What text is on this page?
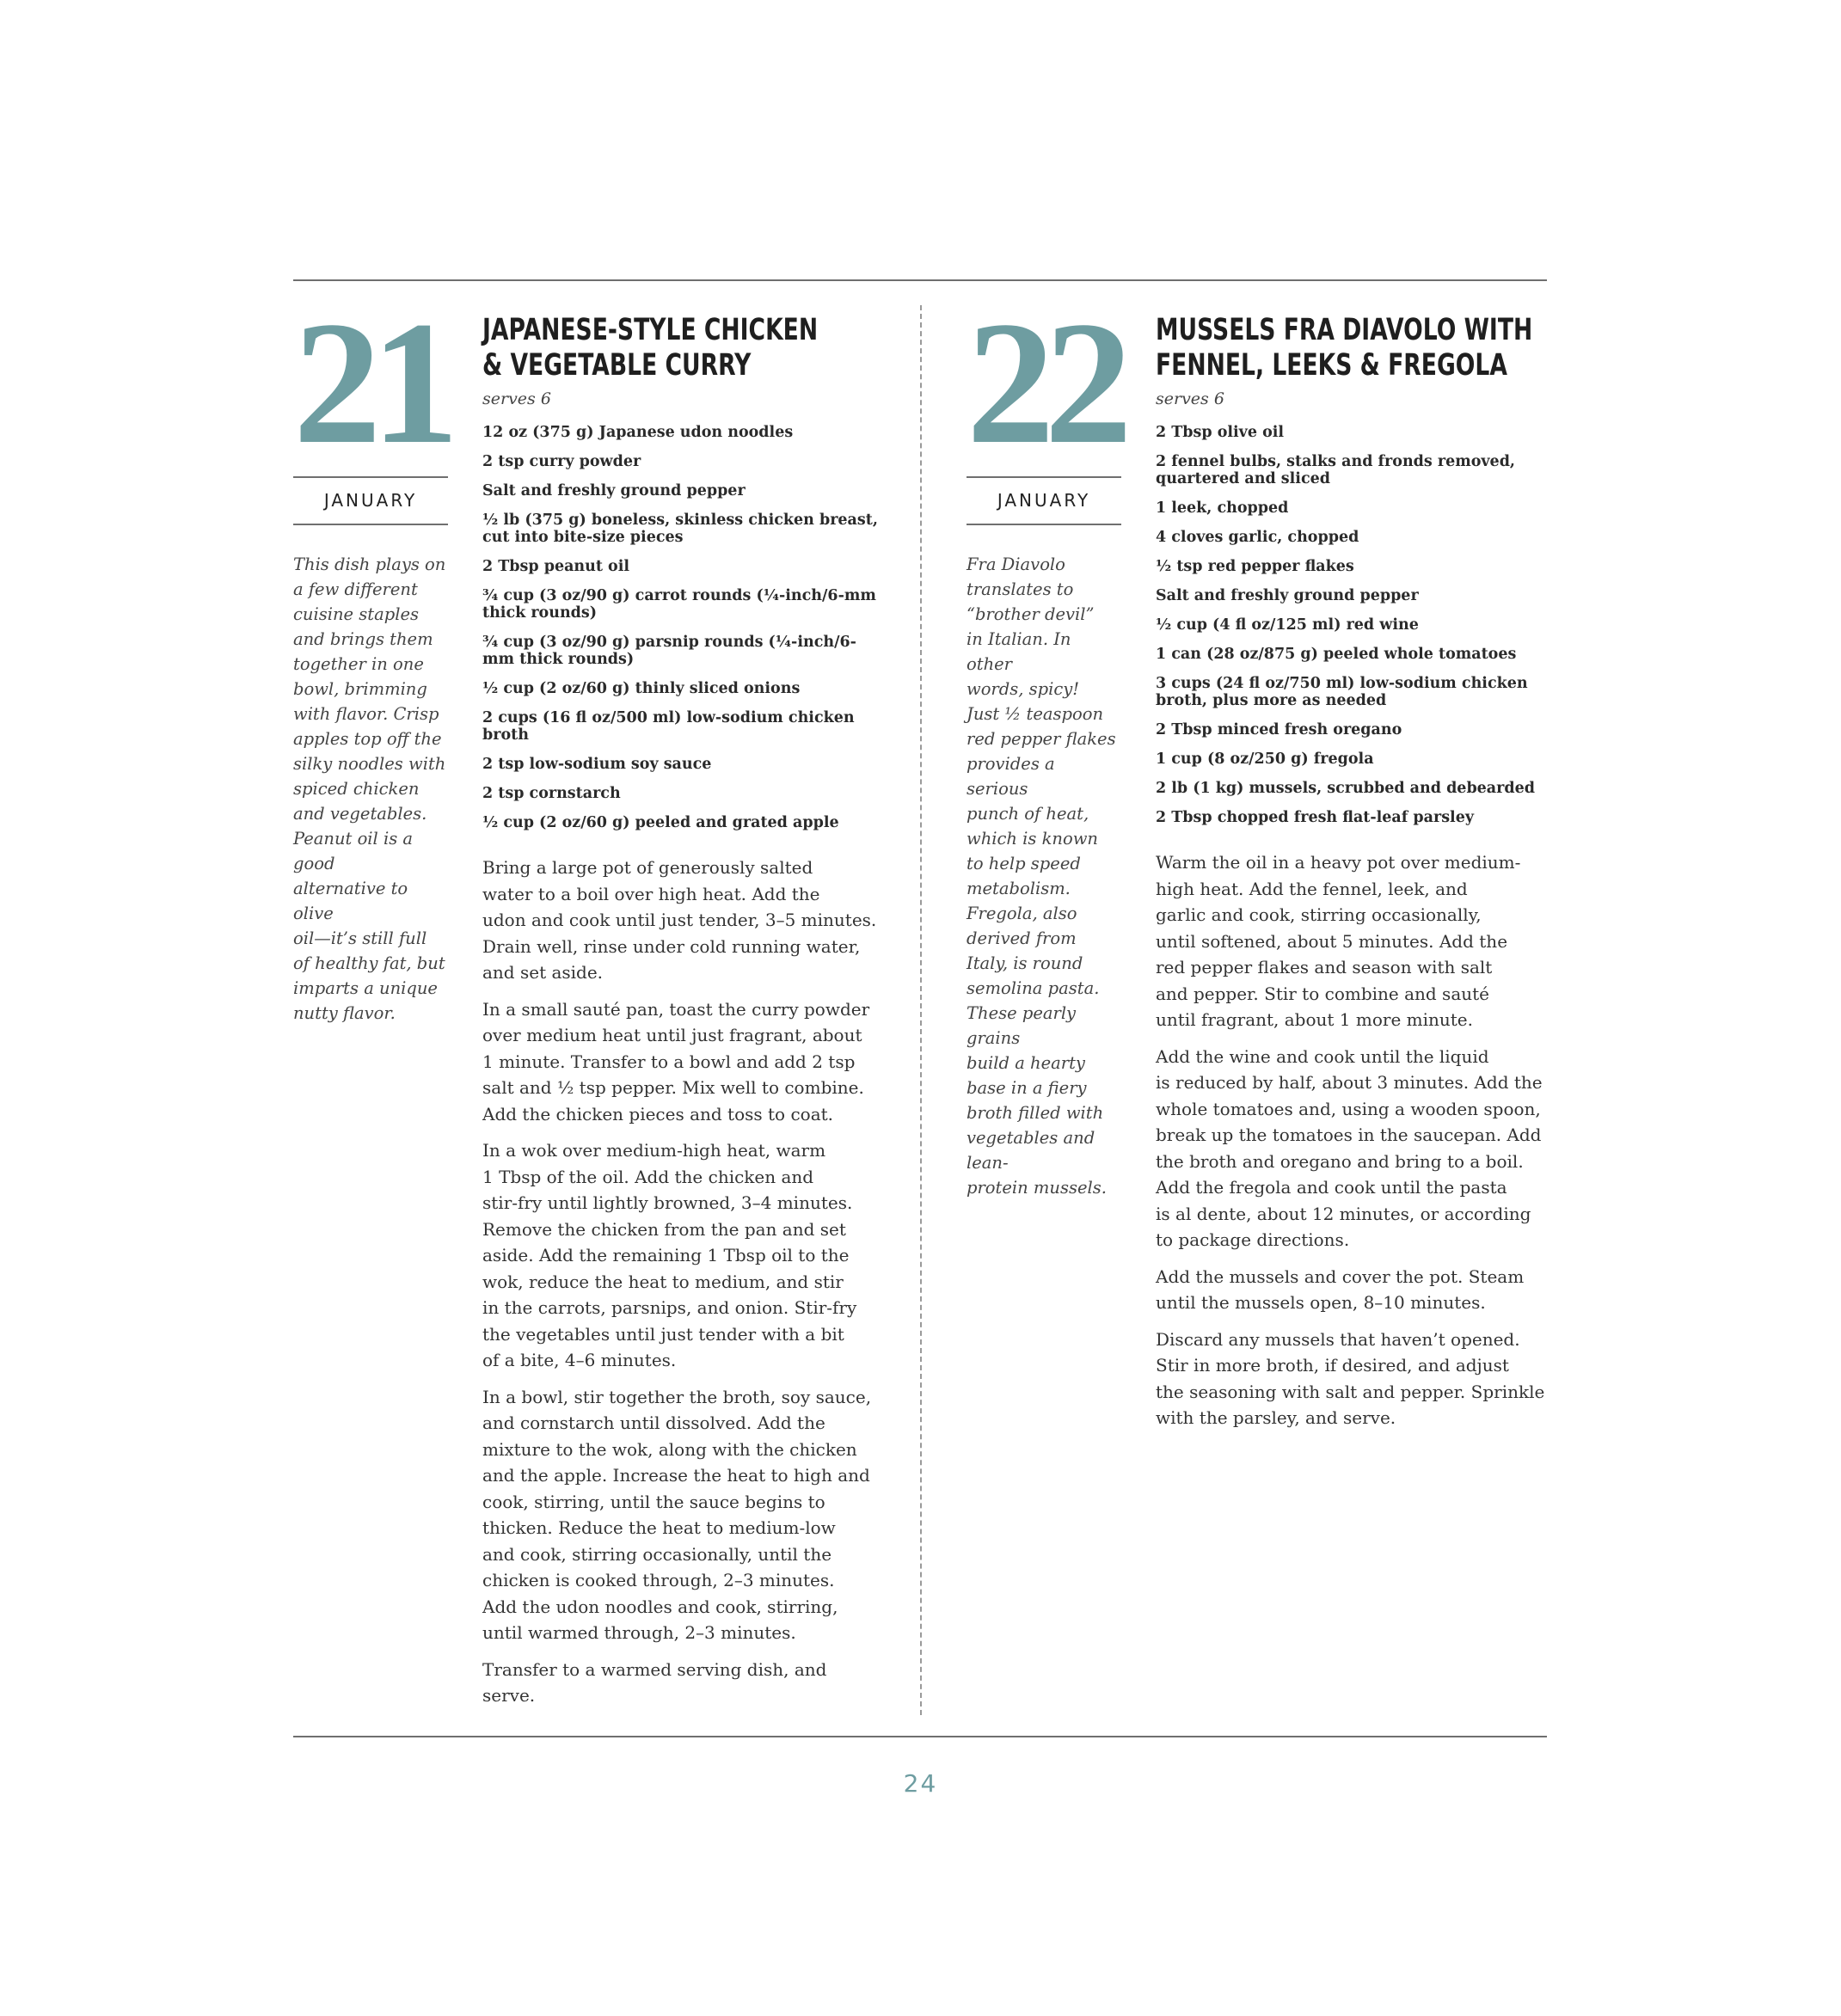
21
JANUARY
This dish plays on
a few different
cuisine staples
and brings them
together in one
bowl, brimming
with flavor. Crisp
apples top off the
silky noodles with
spiced chicken
and vegetables.
Peanut oil is a good
alternative to olive
oil—it’s still full
of healthy fat, but
imparts a unique
nutty flavor.
JAPANESE-STYLE CHICKEN
& VEGETABLE CURRY
serves 6
12 oz (375 g) Japanese udon noodles
2 tsp curry powder
Salt and freshly ground pepper
½ lb (375 g) boneless, skinless chicken breast, cut into bite-size pieces
2 Tbsp peanut oil
¾ cup (3 oz/90 g) carrot rounds (¼-inch/6-mm thick rounds)
¾ cup (3 oz/90 g) parsnip rounds (¼-inch/6-mm thick rounds)
½ cup (2 oz/60 g) thinly sliced onions
2 cups (16 fl oz/500 ml) low-sodium chicken broth
2 tsp low-sodium soy sauce
2 tsp cornstarch
½ cup (2 oz/60 g) peeled and grated apple

Bring a large pot of generously salted
water to a boil over high heat. Add the
udon and cook until just tender, 3–5 minutes.
Drain well, rinse under cold running water,
and set aside.

In a small sauté pan, toast the curry powder
over medium heat until just fragrant, about
1 minute. Transfer to a bowl and add 2 tsp
salt and ½ tsp pepper. Mix well to combine.
Add the chicken pieces and toss to coat.

In a wok over medium-high heat, warm
1 Tbsp of the oil. Add the chicken and
stir-fry until lightly browned, 3–4 minutes.
Remove the chicken from the pan and set
aside. Add the remaining 1 Tbsp oil to the
wok, reduce the heat to medium, and stir
in the carrots, parsnips, and onion. Stir-fry
the vegetables until just tender with a bit
of a bite, 4–6 minutes.

In a bowl, stir together the broth, soy sauce,
and cornstarch until dissolved. Add the
mixture to the wok, along with the chicken
and the apple. Increase the heat to high and
cook, stirring, until the sauce begins to
thicken. Reduce the heat to medium-low
and cook, stirring occasionally, until the
chicken is cooked through, 2–3 minutes.
Add the udon noodles and cook, stirring,
until warmed through, 2–3 minutes.

Transfer to a warmed serving dish, and serve.

22
JANUARY
Fra Diavolo
translates to
“brother devil”
in Italian. In other
words, spicy!
Just ½ teaspoon
red pepper flakes
provides a serious
punch of heat,
which is known
to help speed
metabolism.
Fregola, also
derived from
Italy, is round
semolina pasta.
These pearly grains
build a hearty
base in a fiery
broth filled with
vegetables and lean-
protein mussels.
MUSSELS FRA DIAVOLO WITH
FENNEL, LEEKS & FREGOLA
serves 6
2 Tbsp olive oil
2 fennel bulbs, stalks and fronds removed, quartered and sliced
1 leek, chopped
4 cloves garlic, chopped
½ tsp red pepper flakes
Salt and freshly ground pepper
½ cup (4 fl oz/125 ml) red wine
1 can (28 oz/875 g) peeled whole tomatoes
3 cups (24 fl oz/750 ml) low-sodium chicken broth, plus more as needed
2 Tbsp minced fresh oregano
1 cup (8 oz/250 g) fregola
2 lb (1 kg) mussels, scrubbed and debearded
2 Tbsp chopped fresh flat-leaf parsley

Warm the oil in a heavy pot over medium-
high heat. Add the fennel, leek, and
garlic and cook, stirring occasionally,
until softened, about 5 minutes. Add the
red pepper flakes and season with salt
and pepper. Stir to combine and sauté
until fragrant, about 1 more minute.

Add the wine and cook until the liquid
is reduced by half, about 3 minutes. Add the
whole tomatoes and, using a wooden spoon,
break up the tomatoes in the saucepan. Add
the broth and oregano and bring to a boil.
Add the fregola and cook until the pasta
is al dente, about 12 minutes, or according
to package directions.

Add the mussels and cover the pot. Steam
until the mussels open, 8–10 minutes.

Discard any mussels that haven’t opened.
Stir in more broth, if desired, and adjust
the seasoning with salt and pepper. Sprinkle
with the parsley, and serve.

24
